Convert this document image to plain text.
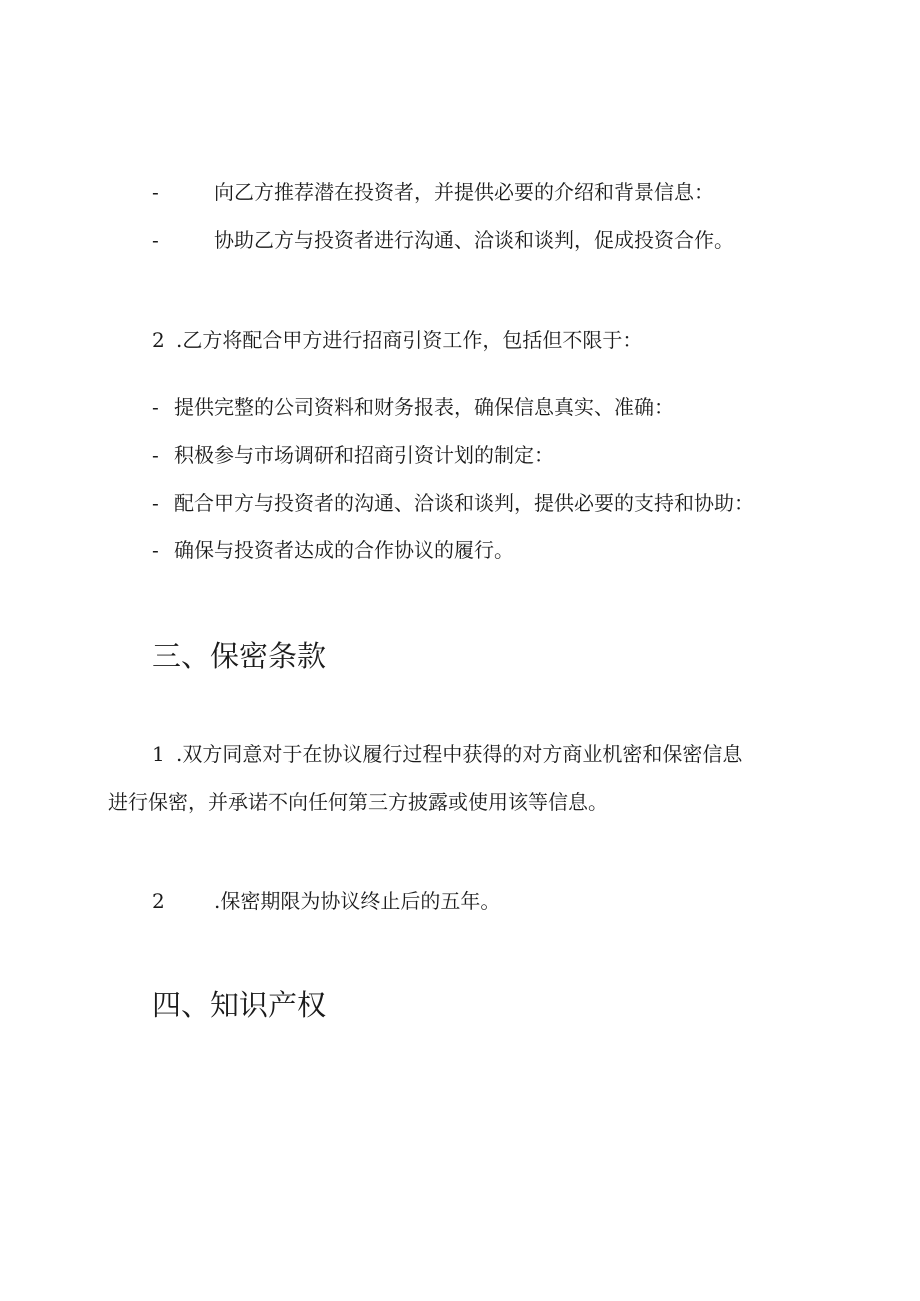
-	向乙方推荐潜在投资者，并提供必要的介绍和背景信息：
-	协助乙方与投资者进行沟通、洽谈和谈判，促成投资合作。
2 .乙方将配合甲方进行招商引资工作，包括但不限于：
- 提供完整的公司资料和财务报表，确保信息真实、准确：
- 积极参与市场调研和招商引资计划的制定：
- 配合甲方与投资者的沟通、洽谈和谈判，提供必要的支持和协助：
- 确保与投资者达成的合作协议的履行。
三、保密条款
1 .双方同意对于在协议履行过程中获得的对方商业机密和保密信息
进行保密，并承诺不向任何第三方披露或使用该等信息。
2 .保密期限为协议终止后的五年。
四、知识产权
